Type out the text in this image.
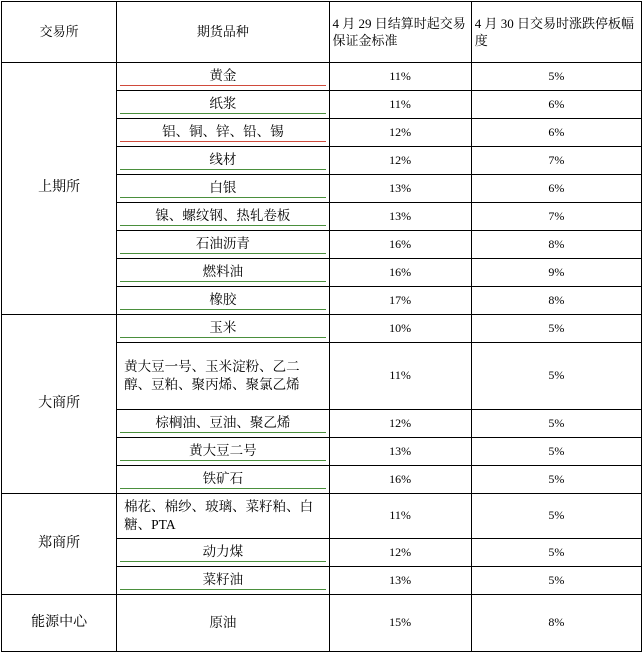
交易所	期货品种	4 月 29 日结算时起交易保证金标准	4 月 30 日交易时涨跌停板幅度
上期所	黄金	11%	5%

	纸浆	11%	6%

	铝、铜、锌、铅、锡	12%	6%

	线材	12%	7%

	白银	13%	6%

	镍、螺纹钢、热轧卷板	13%	7%

	石油沥青	16%	8%

	燃料油	16%	9%

	橡胶	17%	8%
大商所	玉米	10%	5%

	黄大豆一号、玉米淀粉、乙二醇、豆粕、聚丙烯、聚氯乙烯	11%	5%

	棕榈油、豆油、聚乙烯	12%	5%

	黄大豆二号	13%	5%

	铁矿石	16%	5%
郑商所	棉花、棉纱、玻璃、菜籽粕、白糖、PTA	11%	5%

	动力煤	12%	5%

	菜籽油	13%	5%
能源中心	原油	15%	8%
